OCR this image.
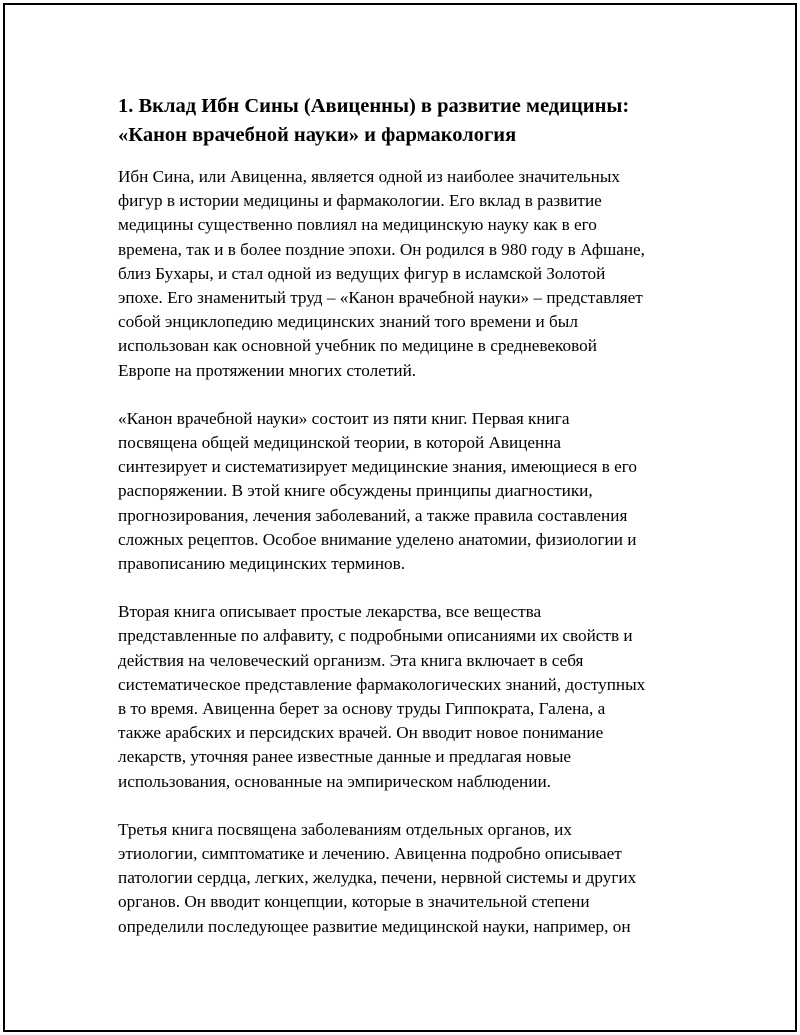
1. Вклад Ибн Сины (Авиценны) в развитие медицины:
«Канон врачебной науки» и фармакология

Ибн Сина, или Авиценна, является одной из наиболее значительных
фигур в истории медицины и фармакологии. Его вклад в развитие
медицины существенно повлиял на медицинскую науку как в его
времена, так и в более поздние эпохи. Он родился в 980 году в Афшане,
близ Бухары, и стал одной из ведущих фигур в исламской Золотой
эпохе. Его знаменитый труд – «Канон врачебной науки» – представляет
собой энциклопедию медицинских знаний того времени и был
использован как основной учебник по медицине в средневековой
Европе на протяжении многих столетий.

«Канон врачебной науки» состоит из пяти книг. Первая книга
посвящена общей медицинской теории, в которой Авиценна
синтезирует и систематизирует медицинские знания, имеющиеся в его
распоряжении. В этой книге обсуждены принципы диагностики,
прогнозирования, лечения заболеваний, а также правила составления
сложных рецептов. Особое внимание уделено анатомии, физиологии и
правописанию медицинских терминов.

Вторая книга описывает простые лекарства, все вещества
представленные по алфавиту, с подробными описаниями их свойств и
действия на человеческий организм. Эта книга включает в себя
систематическое представление фармакологических знаний, доступных
в то время. Авиценна берет за основу труды Гиппократа, Галена, а
также арабских и персидских врачей. Он вводит новое понимание
лекарств, уточняя ранее известные данные и предлагая новые
использования, основанные на эмпирическом наблюдении.

Третья книга посвящена заболеваниям отдельных органов, их
этиологии, симптоматике и лечению. Авиценна подробно описывает
патологии сердца, легких, желудка, печени, нервной системы и других
органов. Он вводит концепции, которые в значительной степени
определили последующее развитие медицинской науки, например, он
